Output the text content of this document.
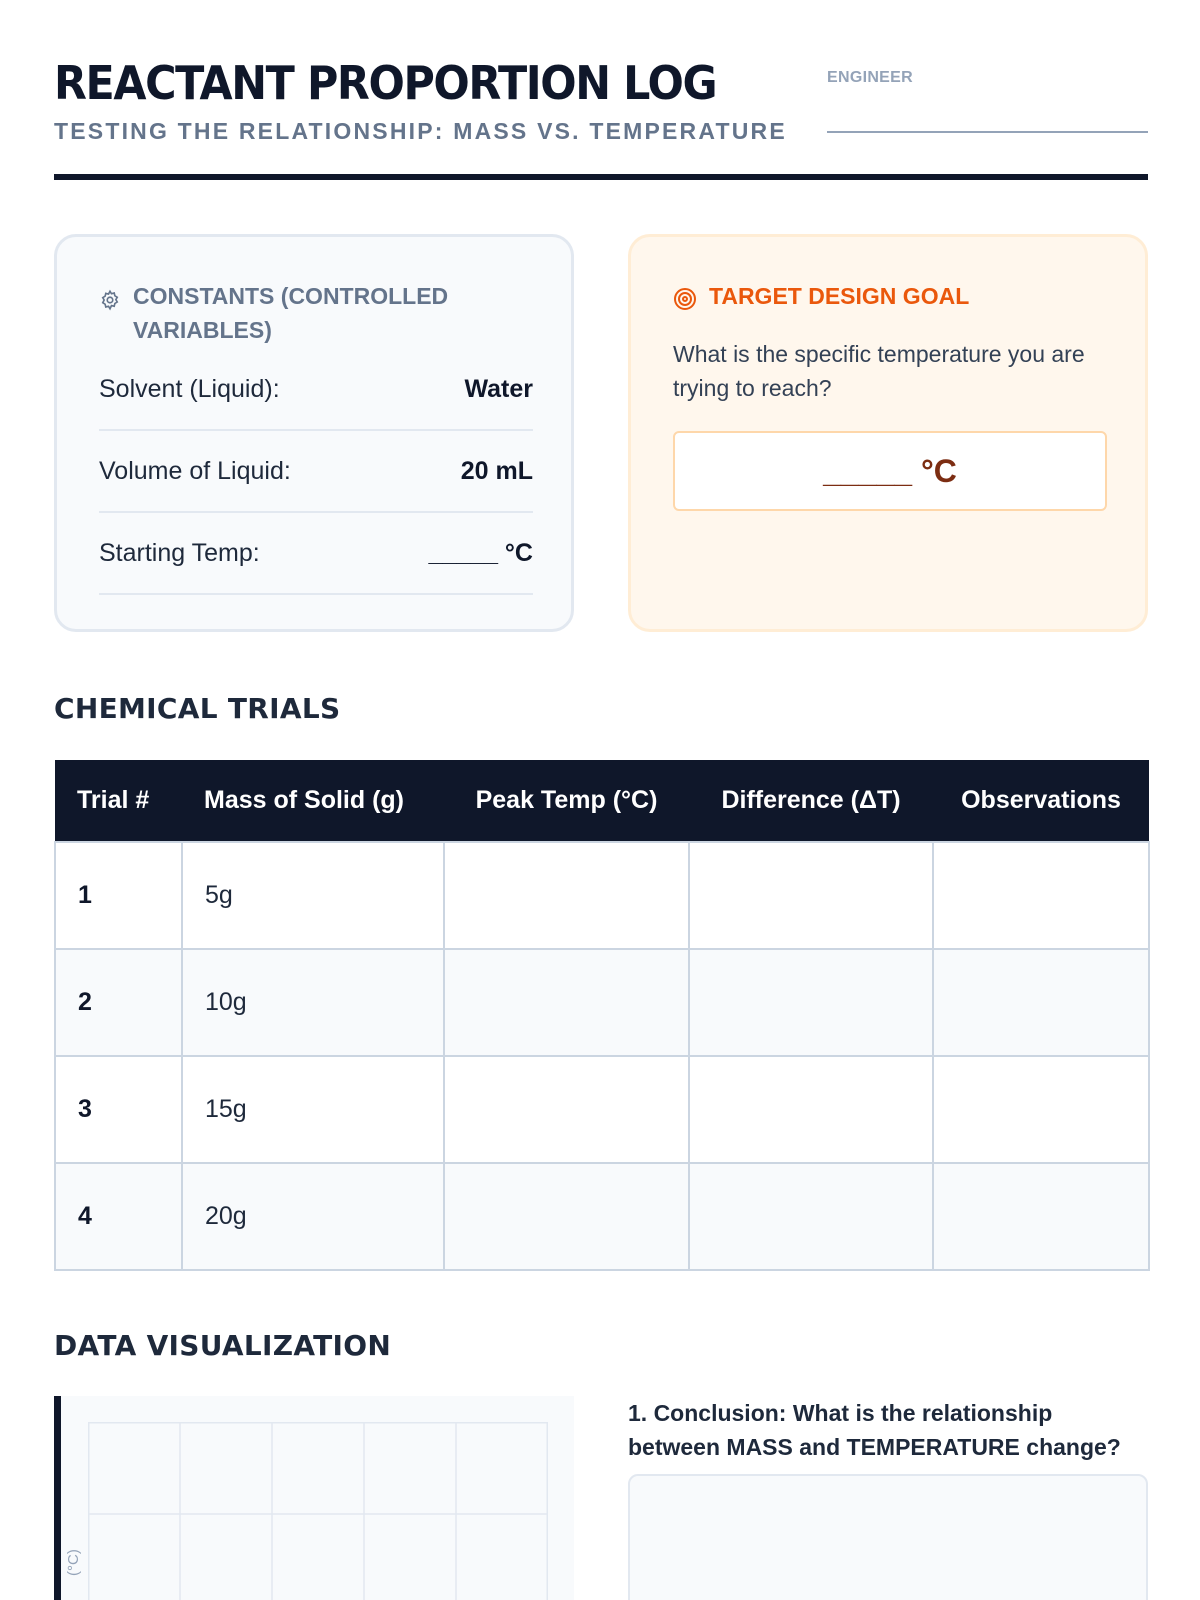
REACTANT PROPORTION LOG
TESTING THE RELATIONSHIP: MASS VS. TEMPERATURE
ENGINEER
CONSTANTS (CONTROLLED VARIABLES)
Solvent (Liquid):	Water
Volume of Liquid:	20 mL
Starting Temp:	_____ °C
TARGET DESIGN GOAL
What is the specific temperature you are trying to reach?
_____ °C
CHEMICAL TRIALS
Trial #	Mass of Solid (g)	Peak Temp (°C)	Difference (ΔT)	Observations
1	5g			
2	10g			
3	15g			
4	20g			
DATA VISUALIZATION
(°C)
1. Conclusion: What is the relationship between MASS and TEMPERATURE change?
